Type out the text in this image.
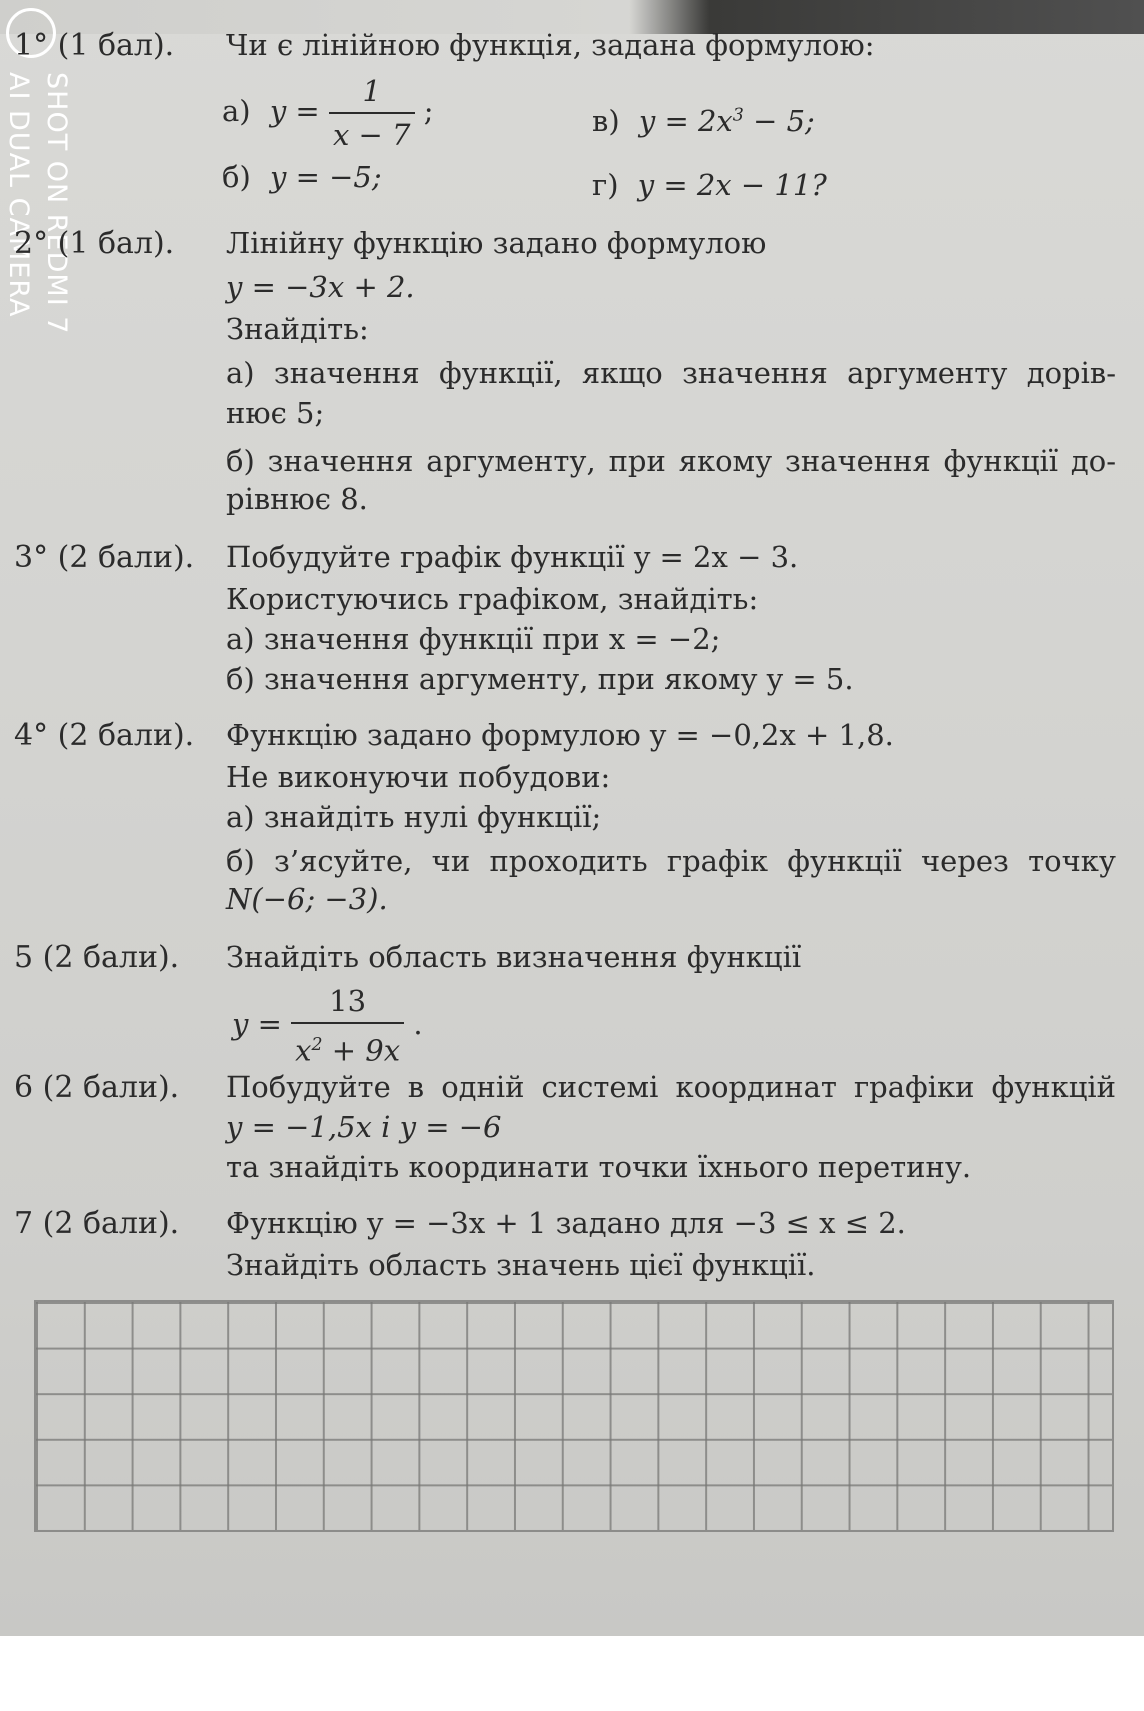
SHOT ON REDMI 7
AI DUAL CAMERA
1° (1 бал). Чи є лінійною функція, задана формулою:
а) $y = \frac{1}{x - 7}$ ;	в) $y = 2x^3 - 5$;
б) y = −5;	г) y = 2x − 11?
2° (1 бал). Лінійну функцію задано формулою
y = −3x + 2.
Знайдіть:
а) значення функції, якщо значення аргументу дорів-
нює 5;
б) значення аргументу, при якому значення функції до-
рівнює 8.
3° (2 бали). Побудуйте графік функції y = 2x − 3.
Користуючись графіком, знайдіть:
а) значення функції при x = −2;
б) значення аргументу, при якому y = 5.
4° (2 бали). Функцію задано формулою y = −0,2x + 1,8.
Не виконуючи побудови:
а) знайдіть нулі функції;
б) з’ясуйте, чи проходить графік функції через точку
N(−6; −3).
5 (2 бали). Знайдіть область визначення функції
$y = \frac{13}{x^2 + 9x}$ .
6 (2 бали). Побудуйте в одній системі координат графіки функцій
y = −1,5x і y = −6
та знайдіть координати точки їхнього перетину.
7 (2 бали). Функцію y = −3x + 1 задано для −3 ≤ x ≤ 2.
Знайдіть область значень цієї функції.
